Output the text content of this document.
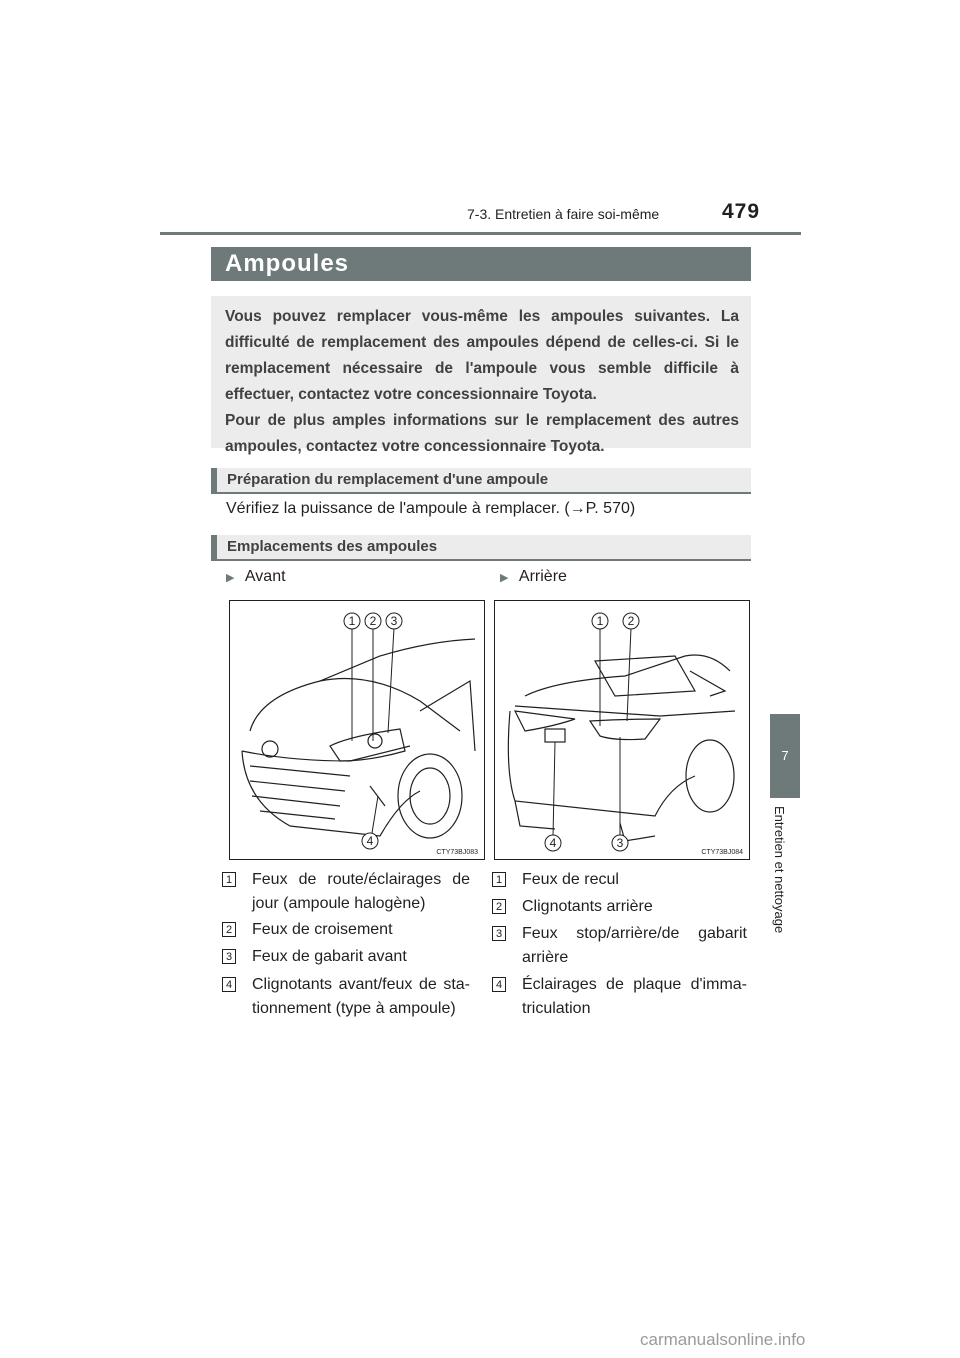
7-3. Entretien à faire soi-même	479
7
Entretien et nettoyage
Ampoules

Vous pouvez remplacer vous-même les ampoules suivantes. La difficulté de remplacement des ampoules dépend de celles-ci. Si le remplacement nécessaire de l'ampoule vous semble difficile à effectuer, contactez votre concessionnaire Toyota.

Pour de plus amples informations sur le remplacement des autres ampoules, contactez votre concessionnaire Toyota.

Préparation du remplacement d'une ampoule
Vérifiez la puissance de l'ampoule à remplacer. (→P. 570)
Emplacements des ampoules
▶ Avant	▶ Arrière
1 2 3
4
CTY73BJ083
1 2
4	3
CTY73BJ084
1 Feux de route/éclairages de jour (ampoule halogène)
2 Feux de croisement
3 Feux de gabarit avant
4 Clignotants avant/feux de stationnement (type à ampoule)
1 Feux de recul
2 Clignotants arrière
3 Feux stop/arrière/de gabarit arrière
4 Éclairages de plaque d'immatriculation
carmanualsonline.info
